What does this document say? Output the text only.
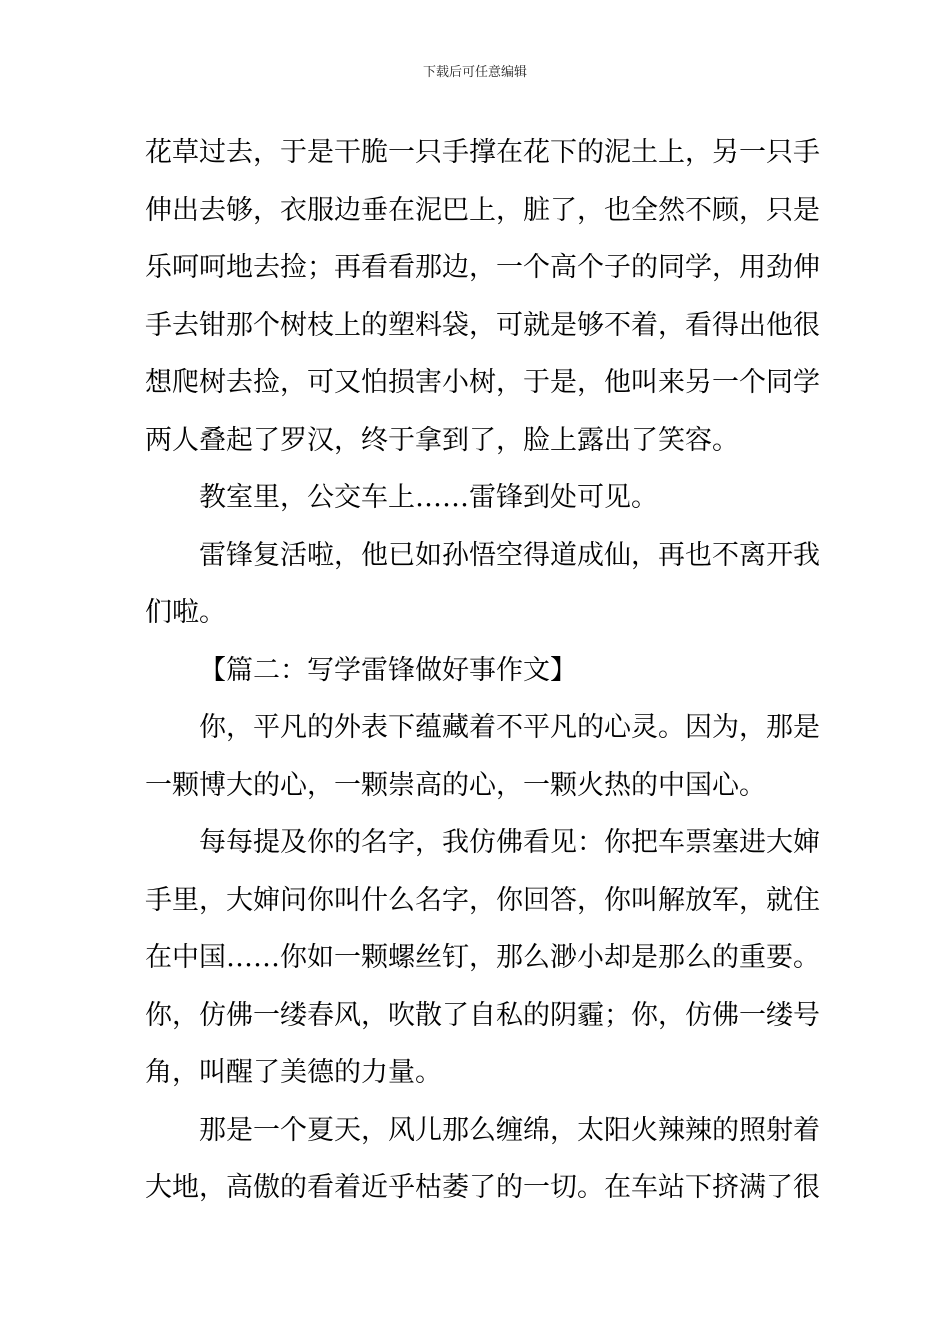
下载后可任意编辑
花草过去，于是干脆一只手撑在花下的泥土上，另一只手
伸出去够，衣服边垂在泥巴上，脏了，也全然不顾，只是
乐呵呵地去捡；再看看那边，一个高个子的同学，用劲伸
手去钳那个树枝上的塑料袋，可就是够不着，看得出他很
想爬树去捡，可又怕损害小树，于是，他叫来另一个同学
两人叠起了罗汉，终于拿到了，脸上露出了笑容。
教室里，公交车上……雷锋到处可见。
雷锋复活啦，他已如孙悟空得道成仙，再也不离开我
们啦。
【篇二：写学雷锋做好事作文】
你，平凡的外表下蕴藏着不平凡的心灵。因为，那是
一颗博大的心，一颗崇高的心，一颗火热的中国心。
每每提及你的名字，我仿佛看见：你把车票塞进大婶
手里，大婶问你叫什么名字，你回答，你叫解放军，就住
在中国……你如一颗螺丝钉，那么渺小却是那么的重要。
你，仿佛一缕春风，吹散了自私的阴霾；你，仿佛一缕号
角，叫醒了美德的力量。
那是一个夏天，风儿那么缠绵，太阳火辣辣的照射着
大地，高傲的看着近乎枯萎了的一切。在车站下挤满了很
